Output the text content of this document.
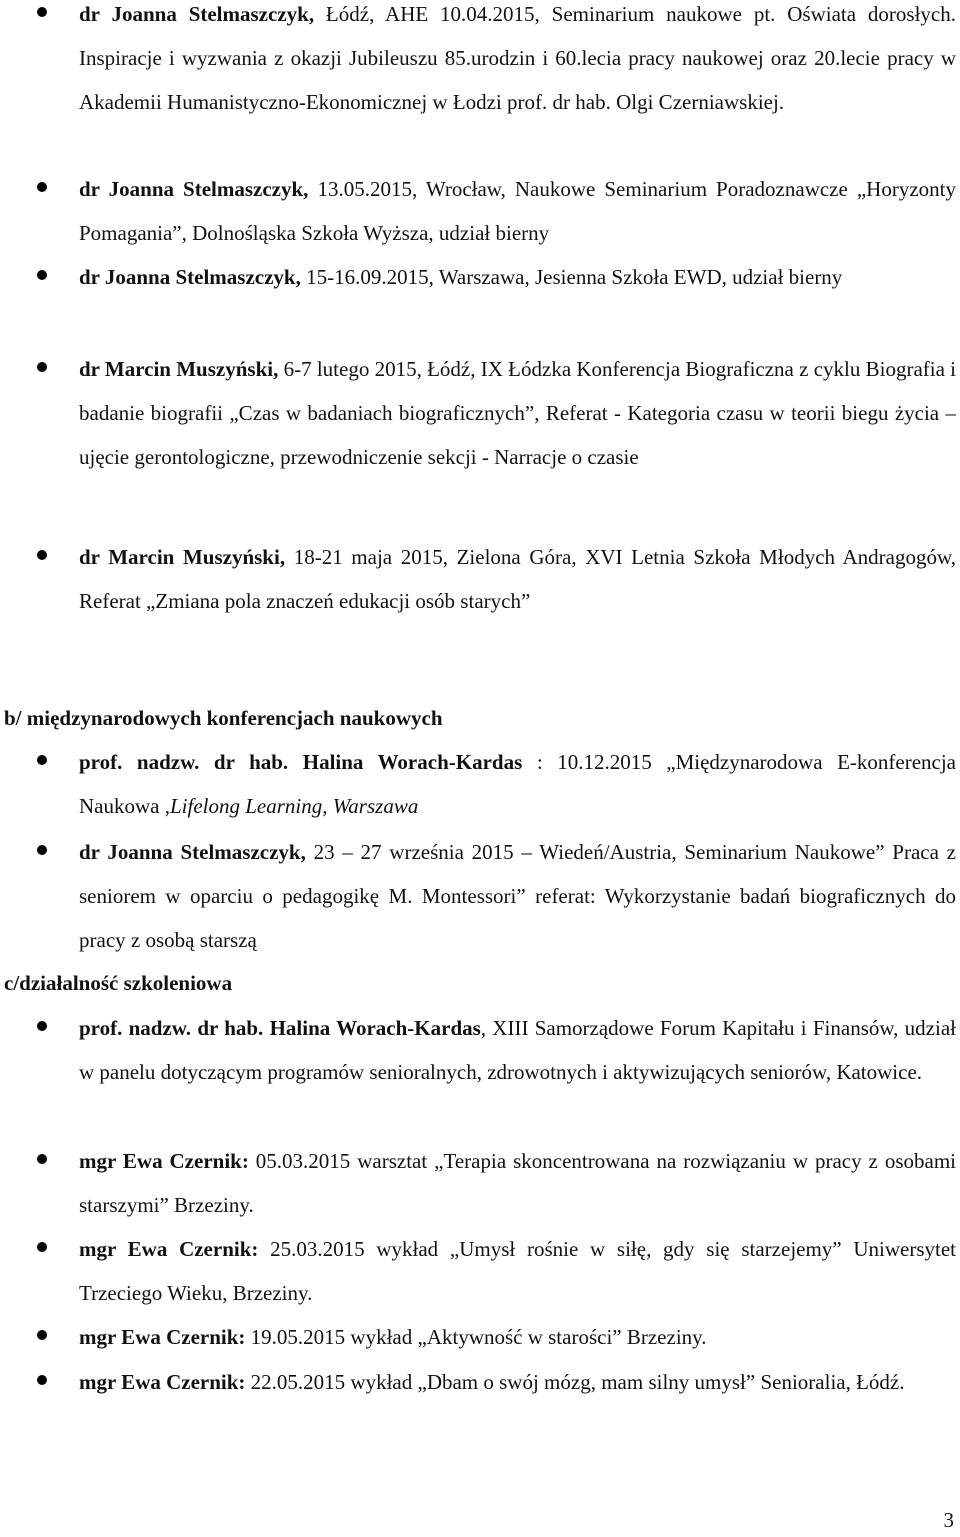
dr Joanna Stelmaszczyk, Łódź, AHE 10.04.2015, Seminarium naukowe pt. Oświata dorosłych. Inspiracje i wyzwania z okazji Jubileuszu 85.urodzin i 60.lecia pracy naukowej oraz 20.lecie pracy w Akademii Humanistyczno-Ekonomicznej w Łodzi prof. dr hab. Olgi Czerniawskiej.
dr Joanna Stelmaszczyk, 13.05.2015, Wrocław, Naukowe Seminarium Poradoznawcze „Horyzonty Pomagania”, Dolnośląska Szkoła Wyższa, udział bierny
dr Joanna Stelmaszczyk, 15-16.09.2015, Warszawa, Jesienna Szkoła EWD, udział bierny
dr Marcin Muszyński, 6-7 lutego 2015, Łódź, IX Łódzka Konferencja Biograficzna z cyklu Biografia i badanie biografii „Czas w badaniach biograficznych”, Referat - Kategoria czasu w teorii biegu życia – ujęcie gerontologiczne, przewodniczenie sekcji - Narracje o czasie
dr Marcin Muszyński, 18-21 maja 2015, Zielona Góra, XVI Letnia Szkoła Młodych Andragogów, Referat „Zmiana pola znaczeń edukacji osób starych”
b/ międzynarodowych konferencjach naukowych
prof. nadzw. dr hab. Halina Worach-Kardas : 10.12.2015 „Międzynarodowa E-konferencja Naukowa ,Lifelong Learning, Warszawa
dr Joanna Stelmaszczyk, 23 – 27 września 2015 – Wiedeń/Austria, Seminarium Naukowe” Praca z seniorem w oparciu o pedagogikę M. Montessori” referat: Wykorzystanie badań biograficznych do pracy z osobą starszą
c/działalność szkoleniowa
prof. nadzw. dr hab. Halina Worach-Kardas, XIII Samorządowe Forum Kapitału i Finansów, udział w panelu dotyczącym programów senioralnych, zdrowotnych i aktywizujących seniorów, Katowice.
mgr Ewa Czernik: 05.03.2015 warsztat „Terapia skoncentrowana na rozwiązaniu w pracy z osobami starszymi” Brzeziny.
mgr Ewa Czernik: 25.03.2015 wykład „Umysł rośnie w siłę, gdy się starzejemy” Uniwersytet Trzeciego Wieku, Brzeziny.
mgr Ewa Czernik: 19.05.2015 wykład „Aktywność w starości” Brzeziny.
mgr Ewa Czernik: 22.05.2015 wykład „Dbam o swój mózg, mam silny umysł” Senioralia, Łódź.
3
